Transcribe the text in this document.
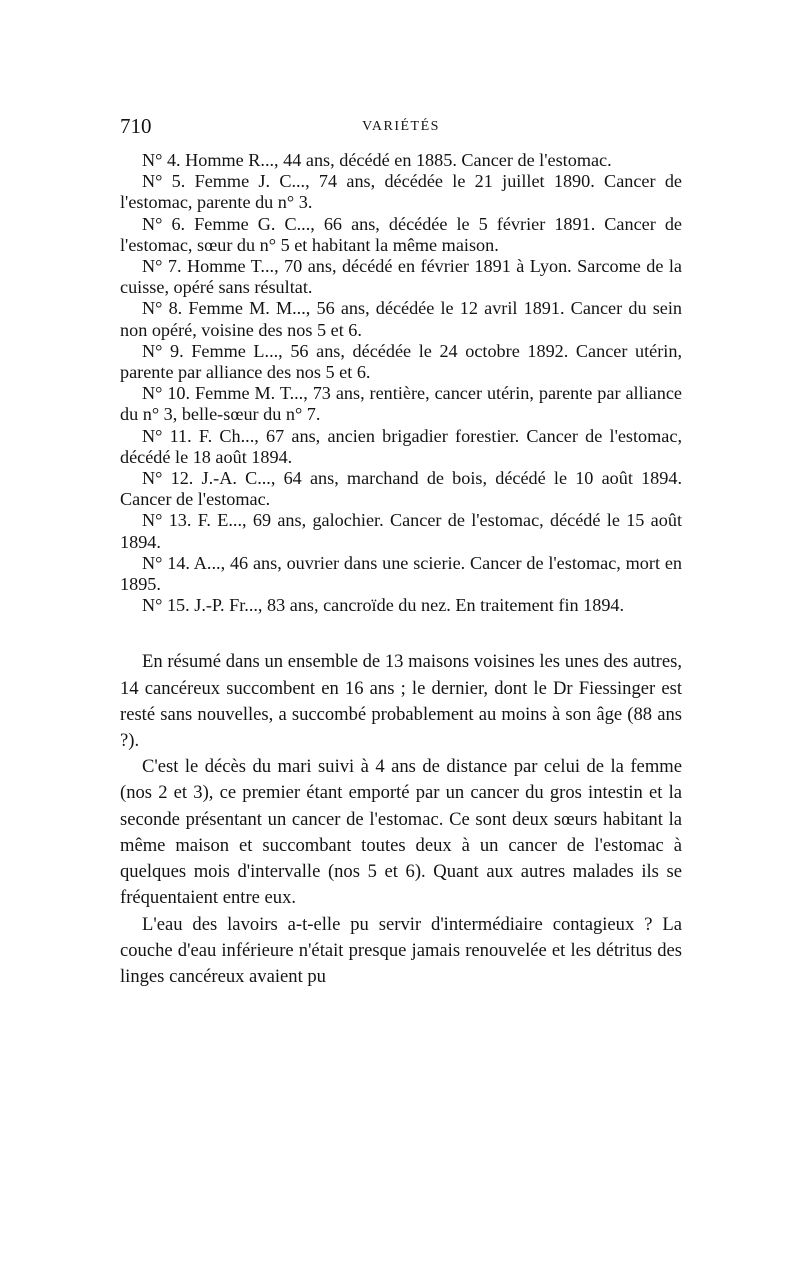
710	VARIÉTÉS

N° 4. Homme R..., 44 ans, décédé en 1885. Cancer de l'estomac.

N° 5. Femme J. C..., 74 ans, décédée le 21 juillet 1890. Cancer de l'estomac, parente du n° 3.

N° 6. Femme G. C..., 66 ans, décédée le 5 février 1891. Cancer de l'estomac, sœur du n° 5 et habitant la même maison.

N° 7. Homme T..., 70 ans, décédé en février 1891 à Lyon. Sarcome de la cuisse, opéré sans résultat.

N° 8. Femme M. M..., 56 ans, décédée le 12 avril 1891. Cancer du sein non opéré, voisine des nos 5 et 6.

N° 9. Femme L..., 56 ans, décédée le 24 octobre 1892. Cancer utérin, parente par alliance des nos 5 et 6.

N° 10. Femme M. T..., 73 ans, rentière, cancer utérin, parente par alliance du n° 3, belle-sœur du n° 7.

N° 11. F. Ch..., 67 ans, ancien brigadier forestier. Cancer de l'estomac, décédé le 18 août 1894.

N° 12. J.-A. C..., 64 ans, marchand de bois, décédé le 10 août 1894. Cancer de l'estomac.

N° 13. F. E..., 69 ans, galochier. Cancer de l'estomac, décédé le 15 août 1894.

N° 14. A..., 46 ans, ouvrier dans une scierie. Cancer de l'estomac, mort en 1895.

N° 15. J.-P. Fr..., 83 ans, cancroïde du nez. En traitement fin 1894.

En résumé dans un ensemble de 13 maisons voisines les unes des autres, 14 cancéreux succombent en 16 ans ; le dernier, dont le Dr Fiessinger est resté sans nouvelles, a succombé probablement au moins à son âge (88 ans ?).

C'est le décès du mari suivi à 4 ans de distance par celui de la femme (nos 2 et 3), ce premier étant emporté par un cancer du gros intestin et la seconde présentant un cancer de l'estomac. Ce sont deux sœurs habitant la même maison et succombant toutes deux à un cancer de l'estomac à quelques mois d'intervalle (nos 5 et 6). Quant aux autres malades ils se fréquentaient entre eux.

L'eau des lavoirs a-t-elle pu servir d'intermédiaire contagieux ? La couche d'eau inférieure n'était presque jamais renouvelée et les détritus des linges cancéreux avaient pu
